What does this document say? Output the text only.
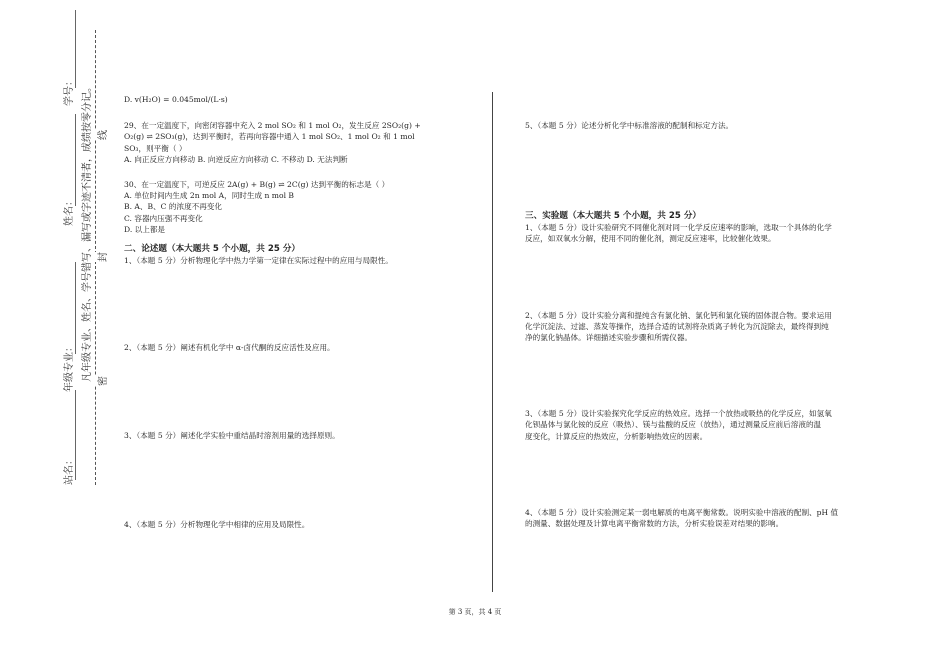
学号：
姓名：
年级专业：
站名：
凡年级专业、姓名、学号错写、漏写或字迹不清者，成绩按零分记。 线
封
密

D. v(H₂O) = 0.045mol/(L·s)

29、在一定温度下，向密闭容器中充入 2 mol SO₂ 和 1 mol O₂，发生反应 2SO₂(g) +

O₂(g) ⇌ 2SO₃(g)，达到平衡时，若再向容器中通入 1 mol SO₂、1 mol O₂ 和 1 mol

SO₃，则平衡（ ）

A. 向正反应方向移动 B. 向逆反应方向移动 C. 不移动 D. 无法判断

30、在一定温度下，可逆反应 2A(g) + B(g) ⇌ 2C(g) 达到平衡的标志是（ ）

A. 单位时间内生成 2n mol A，同时生成 n mol B

B. A、B、C 的浓度不再变化

C. 容器内压强不再变化

D. 以上都是

二、论述题（本大题共 5 个小题，共 25 分）

1、（本题 5 分）分析物理化学中热力学第一定律在实际过程中的应用与局限性。

2、（本题 5 分）阐述有机化学中 α-卤代酮的反应活性及应用。

3、（本题 5 分）阐述化学实验中重结晶时溶剂用量的选择原则。

4、（本题 5 分）分析物理化学中相律的应用及局限性。

5、（本题 5 分）论述分析化学中标准溶液的配制和标定方法。

三、实验题（本大题共 5 个小题，共 25 分）

1、（本题 5 分）设计实验研究不同催化剂对同一化学反应速率的影响，选取一个具体的化学

反应，如双氧水分解，使用不同的催化剂，测定反应速率，比较催化效果。

2、（本题 5 分）设计实验分离和提纯含有氯化钠、氯化钙和氯化镁的固体混合物。要求运用

化学沉淀法、过滤、蒸发等操作，选择合适的试剂将杂质离子转化为沉淀除去，最终得到纯

净的氯化钠晶体。详细描述实验步骤和所需仪器。

3、（本题 5 分）设计实验探究化学反应的热效应。选择一个放热或吸热的化学反应，如氢氧

化钡晶体与氯化铵的反应（吸热）、镁与盐酸的反应（放热），通过测量反应前后溶液的温

度变化，计算反应的热效应，分析影响热效应的因素。

4、（本题 5 分）设计实验测定某一弱电解质的电离平衡常数。说明实验中溶液的配制、pH 值

的测量、数据处理及计算电离平衡常数的方法，分析实验误差对结果的影响。

第 3 页，共 4 页
